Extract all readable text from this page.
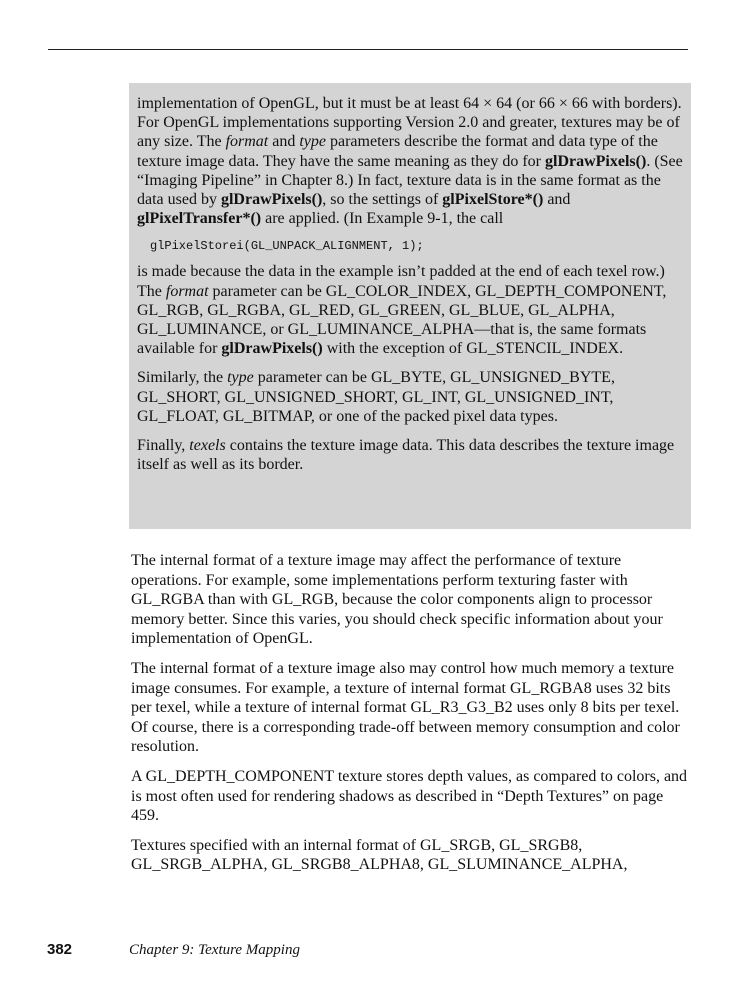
implementation of OpenGL, but it must be at least 64 × 64 (or 66 × 66 with borders). For OpenGL implementations supporting Version 2.0 and greater, textures may be of any size. The format and type parameters describe the format and data type of the texture image data. They have the same meaning as they do for glDrawPixels(). (See “Imaging Pipeline” in Chapter 8.) In fact, texture data is in the same format as the data used by glDrawPixels(), so the settings of glPixelStore*() and glPixelTransfer*() are applied. (In Example 9-1, the call

glPixelStorei(GL_UNPACK_ALIGNMENT, 1);

is made because the data in the example isn’t padded at the end of each texel row.) The format parameter can be GL_COLOR_INDEX, GL_DEPTH_COMPONENT, GL_RGB, GL_RGBA, GL_RED, GL_GREEN, GL_BLUE, GL_ALPHA, GL_LUMINANCE, or GL_LUMINANCE_ALPHA—that is, the same formats available for glDrawPixels() with the exception of GL_STENCIL_INDEX.

Similarly, the type parameter can be GL_BYTE, GL_UNSIGNED_BYTE, GL_SHORT, GL_UNSIGNED_SHORT, GL_INT, GL_UNSIGNED_INT, GL_FLOAT, GL_BITMAP, or one of the packed pixel data types.

Finally, texels contains the texture image data. This data describes the texture image itself as well as its border.

The internal format of a texture image may affect the performance of texture operations. For example, some implementations perform texturing faster with GL_RGBA than with GL_RGB, because the color components align to processor memory better. Since this varies, you should check specific information about your implementation of OpenGL.

The internal format of a texture image also may control how much memory a texture image consumes. For example, a texture of internal format GL_RGBA8 uses 32 bits per texel, while a texture of internal format GL_R3_G3_B2 uses only 8 bits per texel. Of course, there is a corresponding trade-off between memory consumption and color resolution.

A GL_DEPTH_COMPONENT texture stores depth values, as compared to colors, and is most often used for rendering shadows as described in “Depth Textures” on page 459.

Textures specified with an internal format of GL_SRGB, GL_SRGB8, GL_SRGB_ALPHA, GL_SRGB8_ALPHA8, GL_SLUMINANCE_ALPHA,

382	Chapter 9: Texture Mapping
